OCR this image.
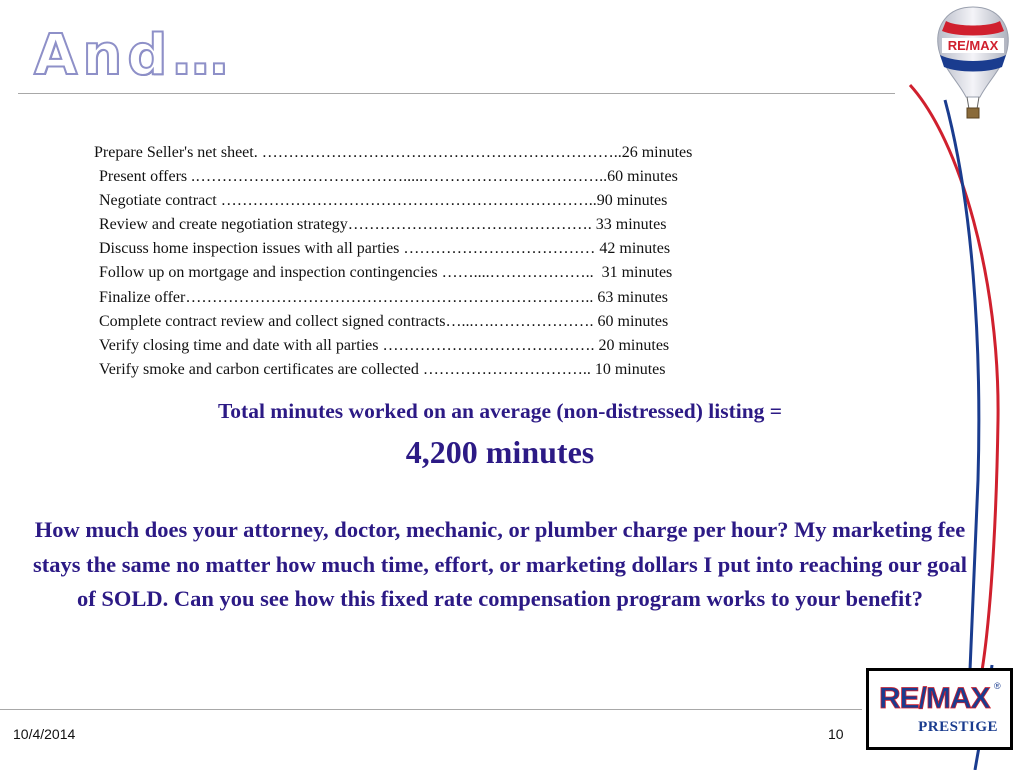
And…	RE/MAX
Prepare Seller's net sheet. …………………………………………………………..26 minutes
Present offers .………………………………….....……………………………..60 minutes
Negotiate contract ……………………………………………………………..90 minutes
Review and create negotiation strategy………………………………………. 33 minutes
Discuss home inspection issues with all parties ……………………………… 42 minutes
Follow up on mortgage and inspection contingencies ……....………………..  31 minutes
Finalize offer………………………………………………………………….. 63 minutes
Complete contract review and collect signed contracts…...….………………. 60 minutes
Verify closing time and date with all parties …………………………………. 20 minutes
Verify smoke and carbon certificates are collected ………………………….. 10 minutes
Total minutes worked on an average (non-distressed) listing =
4,200 minutes
How much does your attorney, doctor, mechanic, or plumber charge per hour? My marketing fee stays the same no matter how much time, effort, or marketing dollars I put into reaching our goal of SOLD. Can you see how this fixed rate compensation program works to your benefit?
10/4/2014	10
RE/MAX ®
PRESTIGE
